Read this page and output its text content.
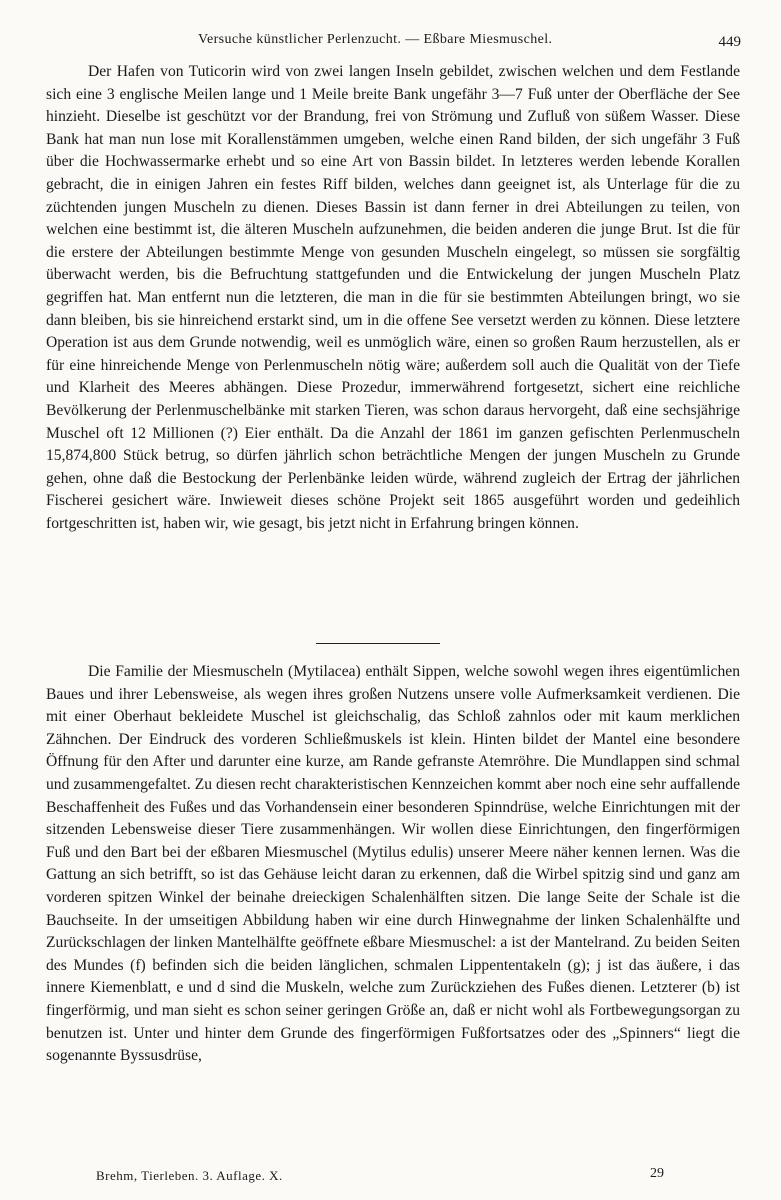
Versuche künstlicher Perlenzucht. — Eßbare Miesmuschel.	449

Der Hafen von Tuticorin wird von zwei langen Inseln gebildet, zwischen welchen und dem Festlande sich eine 3 englische Meilen lange und 1 Meile breite Bank ungefähr 3—7 Fuß unter der Oberfläche der See hinzieht. Dieselbe ist geschützt vor der Brandung, frei von Strömung und Zufluß von süßem Wasser. Diese Bank hat man nun lose mit Korallenstämmen umgeben, welche einen Rand bilden, der sich ungefähr 3 Fuß über die Hochwassermarke erhebt und so eine Art von Bassin bildet. In letzteres werden lebende Korallen gebracht, die in einigen Jahren ein festes Riff bilden, welches dann geeignet ist, als Unterlage für die zu züchtenden jungen Muscheln zu dienen. Dieses Bassin ist dann ferner in drei Abteilungen zu teilen, von welchen eine bestimmt ist, die älteren Muscheln aufzunehmen, die beiden anderen die junge Brut. Ist die für die erstere der Abteilungen bestimmte Menge von gesunden Muscheln eingelegt, so müssen sie sorgfältig überwacht werden, bis die Befruchtung stattgefunden und die Entwickelung der jungen Muscheln Platz gegriffen hat. Man entfernt nun die letzteren, die man in die für sie bestimmten Abteilungen bringt, wo sie dann bleiben, bis sie hinreichend erstarkt sind, um in die offene See versetzt werden zu können. Diese letztere Operation ist aus dem Grunde notwendig, weil es unmöglich wäre, einen so großen Raum herzustellen, als er für eine hinreichende Menge von Perlenmuscheln nötig wäre; außerdem soll auch die Qualität von der Tiefe und Klarheit des Meeres abhängen. Diese Prozedur, immerwährend fortgesetzt, sichert eine reichliche Bevölkerung der Perlenmuschelbänke mit starken Tieren, was schon daraus hervorgeht, daß eine sechsjährige Muschel oft 12 Millionen (?) Eier enthält. Da die Anzahl der 1861 im ganzen gefischten Perlenmuscheln 15,874,800 Stück betrug, so dürfen jährlich schon beträchtliche Mengen der jungen Muscheln zu Grunde gehen, ohne daß die Bestockung der Perlenbänke leiden würde, während zugleich der Ertrag der jährlichen Fischerei gesichert wäre. Inwieweit dieses schöne Projekt seit 1865 ausgeführt worden und gedeihlich fortgeschritten ist, haben wir, wie gesagt, bis jetzt nicht in Erfahrung bringen können.

Die Familie der Miesmuscheln (Mytilacea) enthält Sippen, welche sowohl wegen ihres eigentümlichen Baues und ihrer Lebensweise, als wegen ihres großen Nutzens unsere volle Aufmerksamkeit verdienen. Die mit einer Oberhaut bekleidete Muschel ist gleichschalig, das Schloß zahnlos oder mit kaum merklichen Zähnchen. Der Eindruck des vorderen Schließmuskels ist klein. Hinten bildet der Mantel eine besondere Öffnung für den After und darunter eine kurze, am Rande gefranste Atemröhre. Die Mundlappen sind schmal und zusammengefaltet. Zu diesen recht charakteristischen Kennzeichen kommt aber noch eine sehr auffallende Beschaffenheit des Fußes und das Vorhandensein einer besonderen Spinndrüse, welche Einrichtungen mit der sitzenden Lebensweise dieser Tiere zusammenhängen. Wir wollen diese Einrichtungen, den fingerförmigen Fuß und den Bart bei der eßbaren Miesmuschel (Mytilus edulis) unserer Meere näher kennen lernen. Was die Gattung an sich betrifft, so ist das Gehäuse leicht daran zu erkennen, daß die Wirbel spitzig sind und ganz am vorderen spitzen Winkel der beinahe dreieckigen Schalenhälften sitzen. Die lange Seite der Schale ist die Bauchseite. In der umseitigen Abbildung haben wir eine durch Hinwegnahme der linken Schalenhälfte und Zurückschlagen der linken Mantelhälfte geöffnete eßbare Miesmuschel: a ist der Mantelrand. Zu beiden Seiten des Mundes (f) befinden sich die beiden länglichen, schmalen Lippententakeln (g); j ist das äußere, i das innere Kiemenblatt, e und d sind die Muskeln, welche zum Zurückziehen des Fußes dienen. Letzterer (b) ist fingerförmig, und man sieht es schon seiner geringen Größe an, daß er nicht wohl als Fortbewegungsorgan zu benutzen ist. Unter und hinter dem Grunde des fingerförmigen Fußfortsatzes oder des „Spinners“ liegt die sogenannte Byssusdrüse,

Brehm, Tierleben. 3. Auflage. X.	29
